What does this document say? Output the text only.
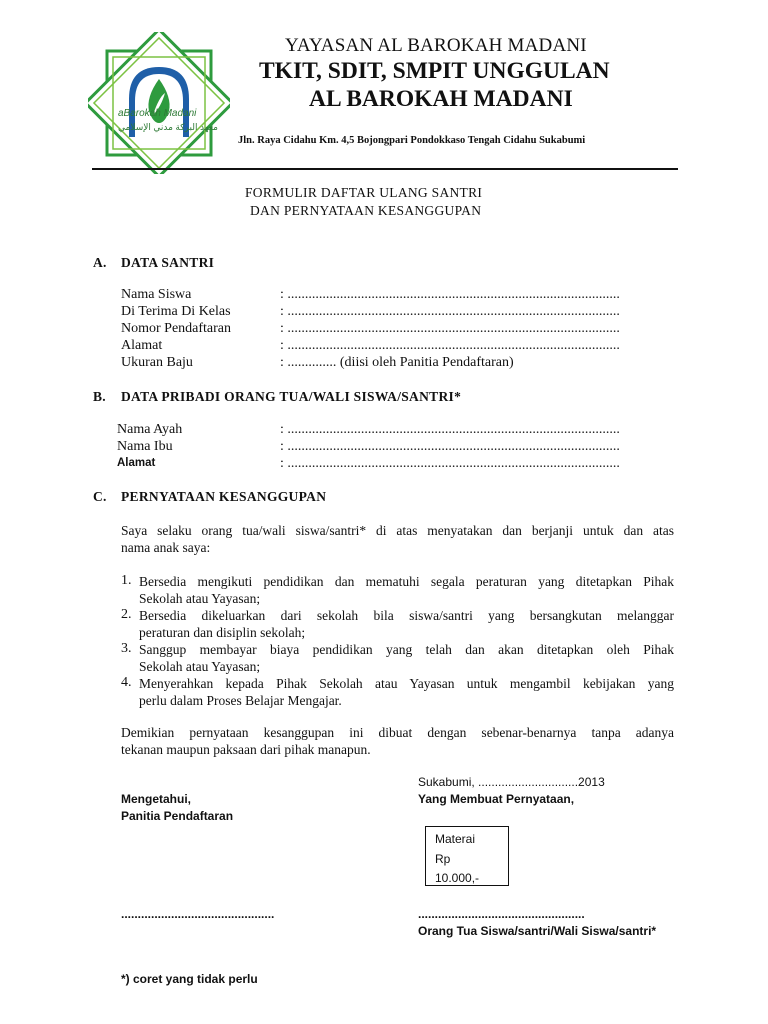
aBarokah Madani
معهد البركة مدني الإسلامي
YAYASAN AL BAROKAH MADANI
TKIT, SDIT, SMPIT UNGGULAN
AL BAROKAH MADANI
Jln. Raya Cidahu Km. 4,5 Bojongpari Pondokkaso Tengah Cidahu Sukabumi
FORMULIR DAFTAR ULANG SANTRI
DAN PERNYATAAN KESANGGUPAN
A. DATA SANTRI
Nama Siswa	: ...............................................................................................
Di Terima Di Kelas	: ...............................................................................................
Nomor Pendaftaran	: ...............................................................................................
Alamat	: ...............................................................................................
Ukuran Baju	: .............. (diisi oleh Panitia Pendaftaran)
B. DATA PRIBADI ORANG TUA/WALI SISWA/SANTRI*
Nama Ayah	: ...............................................................................................
Nama Ibu	: ...............................................................................................
Alamat	: ...............................................................................................
C. PERNYATAAN KESANGGUPAN
Saya selaku orang tua/wali siswa/santri* di atas menyatakan dan berjanji untuk dan atas
nama anak saya:
1. Bersedia mengikuti pendidikan dan mematuhi segala peraturan yang ditetapkan Pihak
Sekolah atau Yayasan;
2. Bersedia dikeluarkan dari sekolah bila siswa/santri yang bersangkutan melanggar
peraturan dan disiplin sekolah;
3. Sanggup membayar biaya pendidikan yang telah dan akan ditetapkan oleh Pihak
Sekolah atau Yayasan;
4. Menyerahkan kepada Pihak Sekolah atau Yayasan untuk mengambil kebijakan yang
perlu dalam Proses Belajar Mengajar.
Demikian pernyataan kesanggupan ini dibuat dengan sebenar-benarnya tanpa adanya
tekanan maupun paksaan dari pihak manapun.
Sukabumi, ..............................2013
Mengetahui,	Yang Membuat Pernyataan,
Panitia Pendaftaran
Materai
Rp
10.000,-
..............................................	..................................................
Orang Tua Siswa/santri/Wali Siswa/santri*
*) coret yang tidak perlu
